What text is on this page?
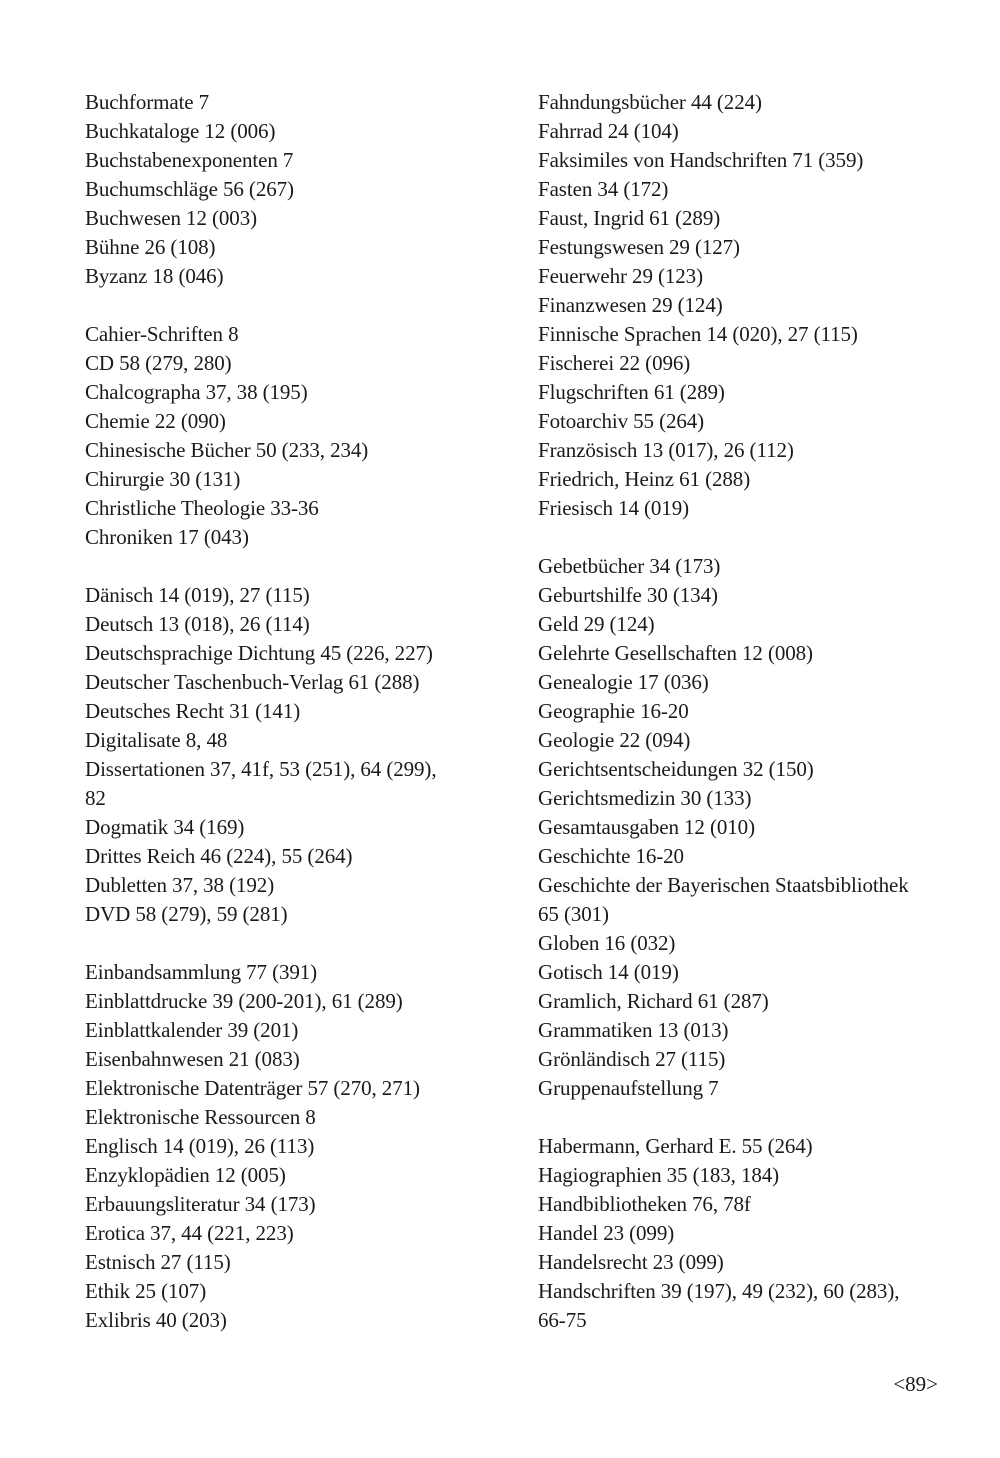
Buchformate 7
Buchkataloge 12 (006)
Buchstabenexponenten 7
Buchumschläge 56 (267)
Buchwesen 12 (003)
Bühne 26 (108)
Byzanz 18 (046)
Cahier-Schriften 8
CD 58 (279, 280)
Chalcographa 37, 38 (195)
Chemie 22 (090)
Chinesische Bücher 50 (233, 234)
Chirurgie 30 (131)
Christliche Theologie 33-36
Chroniken 17 (043)
Dänisch 14 (019), 27 (115)
Deutsch 13 (018), 26 (114)
Deutschsprachige Dichtung 45 (226, 227)
Deutscher Taschenbuch-Verlag 61 (288)
Deutsches Recht 31 (141)
Digitalisate 8, 48
Dissertationen 37, 41f, 53 (251), 64 (299),
82
Dogmatik 34 (169)
Drittes Reich 46 (224), 55 (264)
Dubletten 37, 38 (192)
DVD 58 (279), 59 (281)
Einbandsammlung 77 (391)
Einblattdrucke 39 (200-201), 61 (289)
Einblattkalender 39 (201)
Eisenbahnwesen 21 (083)
Elektronische Datenträger 57 (270, 271)
Elektronische Ressourcen 8
Englisch 14 (019), 26 (113)
Enzyklopädien 12 (005)
Erbauungsliteratur 34 (173)
Erotica 37, 44 (221, 223)
Estnisch 27 (115)
Ethik 25 (107)
Exlibris 40 (203)
Fahndungsbücher 44 (224)
Fahrrad 24 (104)
Faksimiles von Handschriften 71 (359)
Fasten 34 (172)
Faust, Ingrid 61 (289)
Festungswesen 29 (127)
Feuerwehr 29 (123)
Finanzwesen 29 (124)
Finnische Sprachen 14 (020), 27 (115)
Fischerei 22 (096)
Flugschriften 61 (289)
Fotoarchiv 55 (264)
Französisch 13 (017), 26 (112)
Friedrich, Heinz 61 (288)
Friesisch 14 (019)
Gebetbücher 34 (173)
Geburtshilfe 30 (134)
Geld 29 (124)
Gelehrte Gesellschaften 12 (008)
Genealogie 17 (036)
Geographie 16-20
Geologie 22 (094)
Gerichtsentscheidungen 32 (150)
Gerichtsmedizin 30 (133)
Gesamtausgaben 12 (010)
Geschichte 16-20
Geschichte der Bayerischen Staatsbibliothek
65 (301)
Globen 16 (032)
Gotisch 14 (019)
Gramlich, Richard 61 (287)
Grammatiken 13 (013)
Grönländisch 27 (115)
Gruppenaufstellung 7
Habermann, Gerhard E. 55 (264)
Hagiographien 35 (183, 184)
Handbibliotheken 76, 78f
Handel 23 (099)
Handelsrecht 23 (099)
Handschriften 39 (197), 49 (232), 60 (283),
66-75
<89>
